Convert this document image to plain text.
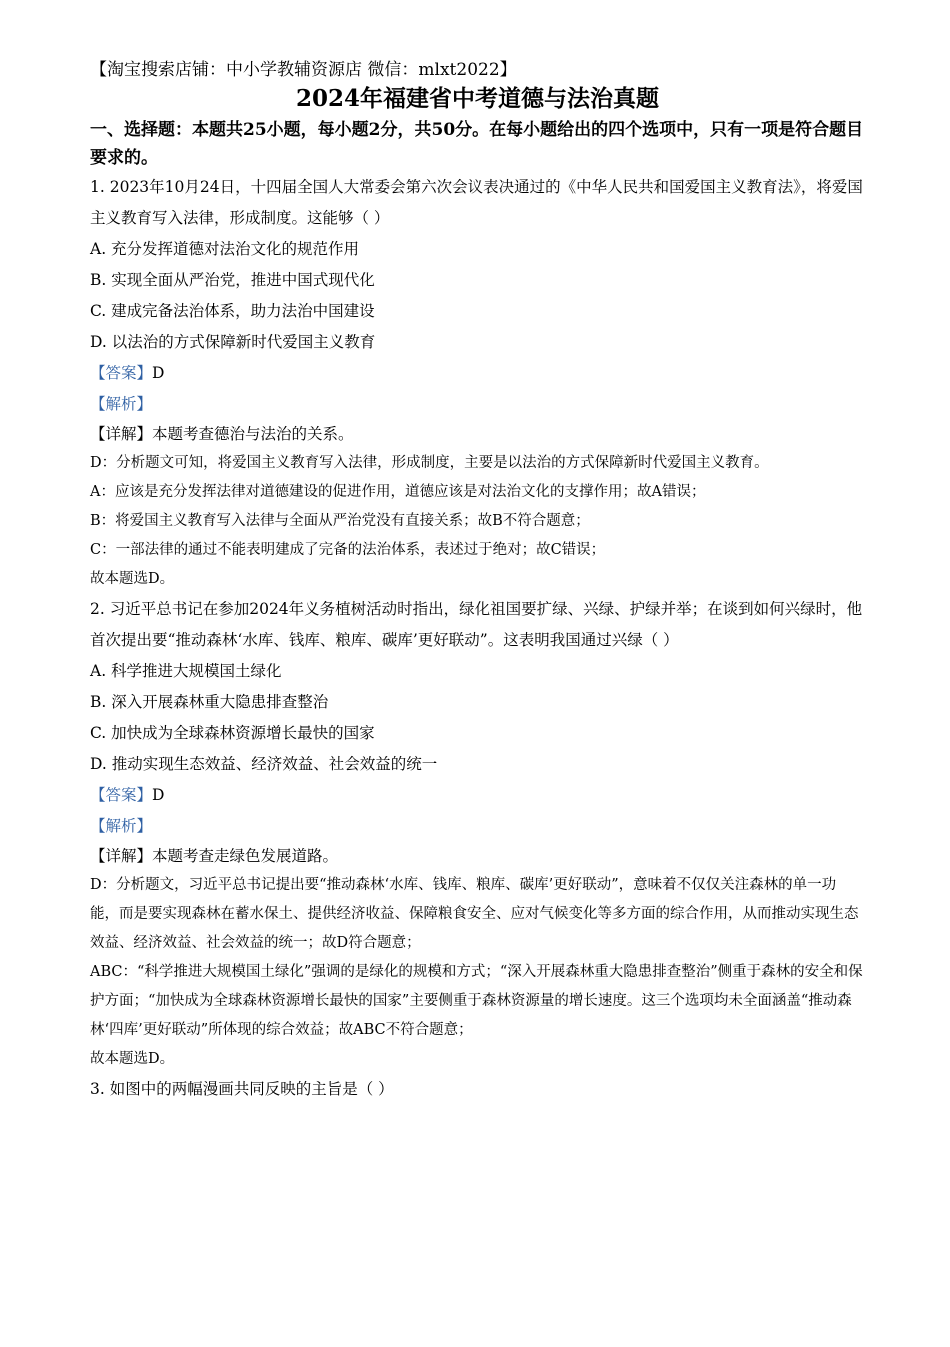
【淘宝搜索店铺：中小学教辅资源店 微信：mlxt2022】
2024年福建省中考道德与法治真题
一、选择题：本题共25小题，每小题2分，共50分。在每小题给出的四个选项中，只有一项是符合题目要求的。
1. 2023年10月24日，十四届全国人大常委会第六次会议表决通过的《中华人民共和国爱国主义教育法》，将爱国主义教育写入法律，形成制度。这能够（ ）
A. 充分发挥道德对法治文化的规范作用
B. 实现全面从严治党，推进中国式现代化
C. 建成完备法治体系，助力法治中国建设
D. 以法治的方式保障新时代爱国主义教育
【答案】D
【解析】
【详解】本题考查德治与法治的关系。
D：分析题文可知，将爱国主义教育写入法律，形成制度，主要是以法治的方式保障新时代爱国主义教育。
A：应该是充分发挥法律对道德建设的促进作用，道德应该是对法治文化的支撑作用；故A错误；
B：将爱国主义教育写入法律与全面从严治党没有直接关系；故B不符合题意；
C：一部法律的通过不能表明建成了完备的法治体系，表述过于绝对；故C错误；
故本题选D。
2. 习近平总书记在参加2024年义务植树活动时指出，绿化祖国要扩绿、兴绿、护绿并举；在谈到如何兴绿时，他首次提出要“推动森林‘水库、钱库、粮库、碳库’更好联动”。这表明我国通过兴绿（ ）
A. 科学推进大规模国土绿化
B. 深入开展森林重大隐患排查整治
C. 加快成为全球森林资源增长最快的国家
D. 推动实现生态效益、经济效益、社会效益的统一
【答案】D
【解析】
【详解】本题考查走绿色发展道路。
D：分析题文，习近平总书记提出要“推动森林‘水库、钱库、粮库、碳库’更好联动”，意味着不仅仅关注森林的单一功能，而是要实现森林在蓄水保土、提供经济收益、保障粮食安全、应对气候变化等多方面的综合作用，从而推动实现生态效益、经济效益、社会效益的统一；故D符合题意；
ABC：“科学推进大规模国土绿化”强调的是绿化的规模和方式；“深入开展森林重大隐患排查整治”侧重于森林的安全和保护方面；“加快成为全球森林资源增长最快的国家”主要侧重于森林资源量的增长速度。这三个选项均未全面涵盖“推动森林‘四库’更好联动”所体现的综合效益；故ABC不符合题意；
故本题选D。
3. 如图中的两幅漫画共同反映的主旨是（ ）
